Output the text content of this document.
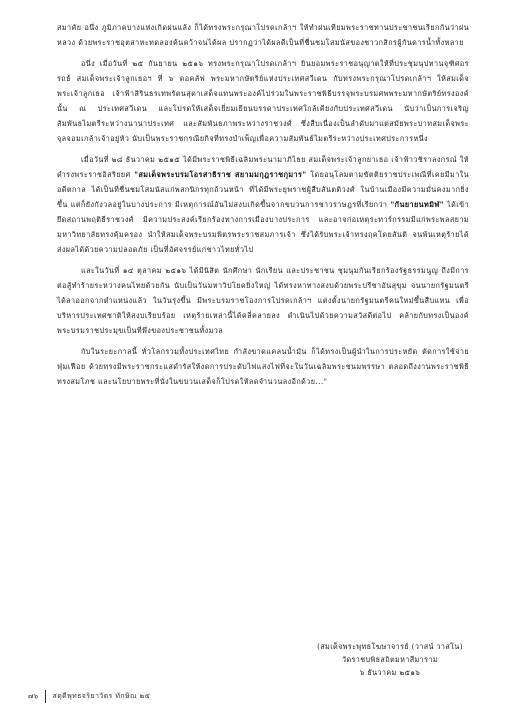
สมาคัย อนึ่ง ภูมิภาคบางแห่งเกิดฝนแล้ง ก็ได้ทรงพระกรุณาโปรดเกล้าฯ ให้ทำฝนเทียมพระราชทานประชาชนเรียกกันว่าฝนหลวง ด้วยพระราชอุตสาหะทดลองค้นคว้าจนได้ผล ปรากฏว่าได้ผลดีเป็นที่ชื่นชมโสมนัสของชาวกสิกรผู้กันดารน้ำทั้งหลาย

อนึ่ง เมื่อวันที่ ๒๕ กันยายน ๒๕๑๖ ทรงพระกรุณาโปรดเกล้าฯ ยินยอมพระราชอนุญาตให้ที่ประชุมนุปทานจุฑิศอรรถธ์ สมเด็จพระเจ้าลูกเธอฯ ที่ ๖ ดอคลัฟ พระมหากษัตริย์แห่งประเทศสวีเดน กับทรงพระกรุณาโปรดเกล้าฯ ให้สมเด็จพระเจ้าลูกเธอ เจ้าฟ้าสิรินธรเทพรัตนสุดาเสด็จแทนพระองค์ไปร่วมในพระราชพิธีบรรจุพระบรมศพพระมหากษัตริย์ทรงองค์นั้น ณ ประเทศสวีเดน และโปรดให้เสด็จเยี่ยมเยียนบรรดาประเทศใกล้เคียงกับประเทศสวีเดน นับว่าเป็นการเจริญสัมพันธไมตรีระหว่างนานาประเทศ และสัมพันธภาพระหว่างราชวงศ์ ซึ่งสืบเนื่องเป็นลำดับมาแต่สมัยพระบาทสมเด็จพระจุลจอมเกล้าเจ้าอยู่หัว นับเป็นพระราชกรณียกิจที่ทรงบำเพ็ญเพื่อความสัมพันธ์ไมตรีระหว่างประเทศประการหนึ่ง

เมื่อวันที่ ๒๘ ธันวาคม ๒๕๑๕ ได้มีพระราชพิธีเฉลิมพระนามาภิไธย สมเด็จพระเจ้าลูกยาเธอ เจ้าฟ้าวชิราลงกรณ์ ให้ดำรงพระราชอิสริยยศ "สมเด็จพระบรมโอรสาธิราช สยามมกุฎราชกุมาร" โดยอนุโลมตามขัตติยราชประเพณีที่เคยมีมาในอดีตกาล ได้เป็นที่ชื่นชมโสมนัสแก่พสกนิกรทุกถ้วนหน้า ที่ได้มีพระยุพราชผู้สืบสันตติวงศ์ ในบ้านเมืองมีความมั่นคงมากยิ่งขึ้น แต่ก็ยังกังวลอยู่ในบางประการ มีเหตุการณ์อันไม่สงบเกิดขึ้นจากขบวนการชาวราษฎรที่เรียกว่า "กันยายนทมิฬ" ได้เข้ายึดสถานพฤติธีราชวงศ์ มีความประสงค์เรียกร้องทางการเมืองบางประการ และอาจก่อเหตุระทาร์กรรมมีแก่พระพลสยามมหาวิทยาลัยทรงคุ้มครอง นำให้สมเด็จพระบรมพิตรพระราชสมภารเจ้า ซึ่งได้รับพระเจ้าทรงฤคโดยสันติ จนพ้นเหตุร้ายได้ส่งผลได้ด้วยความปลอดภัย เป็นที่อัศจรรย์แก่ชาวไทยทั่วไป

และในวันที่ ๑๔ ตุลาคม ๒๕๑๖ ได้มีนิสิต นักศึกษา นักเรียน และประชาชน ชุมนุมกันเรียกร้องรัฐธรรมนูญ ถึงมีการต่อสู้ทำร้ายระหว่างคนไทยด้วยกัน นับเป็นวันมหาวิปโยคยิ่งใหญ่ ได้ทรงหาทางสงบด้วยพระปรีชาอันสุขุม จนนายกรัฐมนตรีได้ลาออกจากตำแหน่งแล้ว ในวันรุ่งขึ้น มีพระบรมราชโองการโปรดเกล้าฯ แต่งตั้งนายกรัฐมนตรีคนใหม่ขึ้นสืบแทน เพื่อบริหารประเทศชาติให้สงบเรียบร้อย เหตุร้ายเหล่านี้ได้คลี่คลายลง ดำเนินไปด้วยความสวัสดีต่อไป คล้ายกับทรงเป็นองค์พระบรมราชประมุขเป็นที่พึ่งของประชาชนทั้งมวล

กับในระยะกาลนี้ ทั่วโลกรวมทั้งประเทศไทย กำลังขาดแคลนน้ำมัน ก็ได้ทรงเป็นผู้นำในการประหยัด ตัดการใช้จ่ายฟุ่มเฟือย ด้วยทรงมีพระราชกระแสดำรัสให้งดการประดับไฟแสงไฟที่จะในวันเฉลิมพระชนมพรรษา ตลอดถึงงานพระราชพิธีทรงสมโภช และนโยบายพระที่นั่งในขบวนเสด็จก็โปรดให้ลดจำนวนลงอีกด้วย..."

(สมเด็จพระพุทธโฆษาจารย์ (วาสน์ วาสโน)
วัดราชบพิธสถิตมหาสีมาราม
๖ ธันวาคม ๒๕๑๖
๗๖ สดุดีพุทธจริยาวัตร ทักษิณ ๒๕
